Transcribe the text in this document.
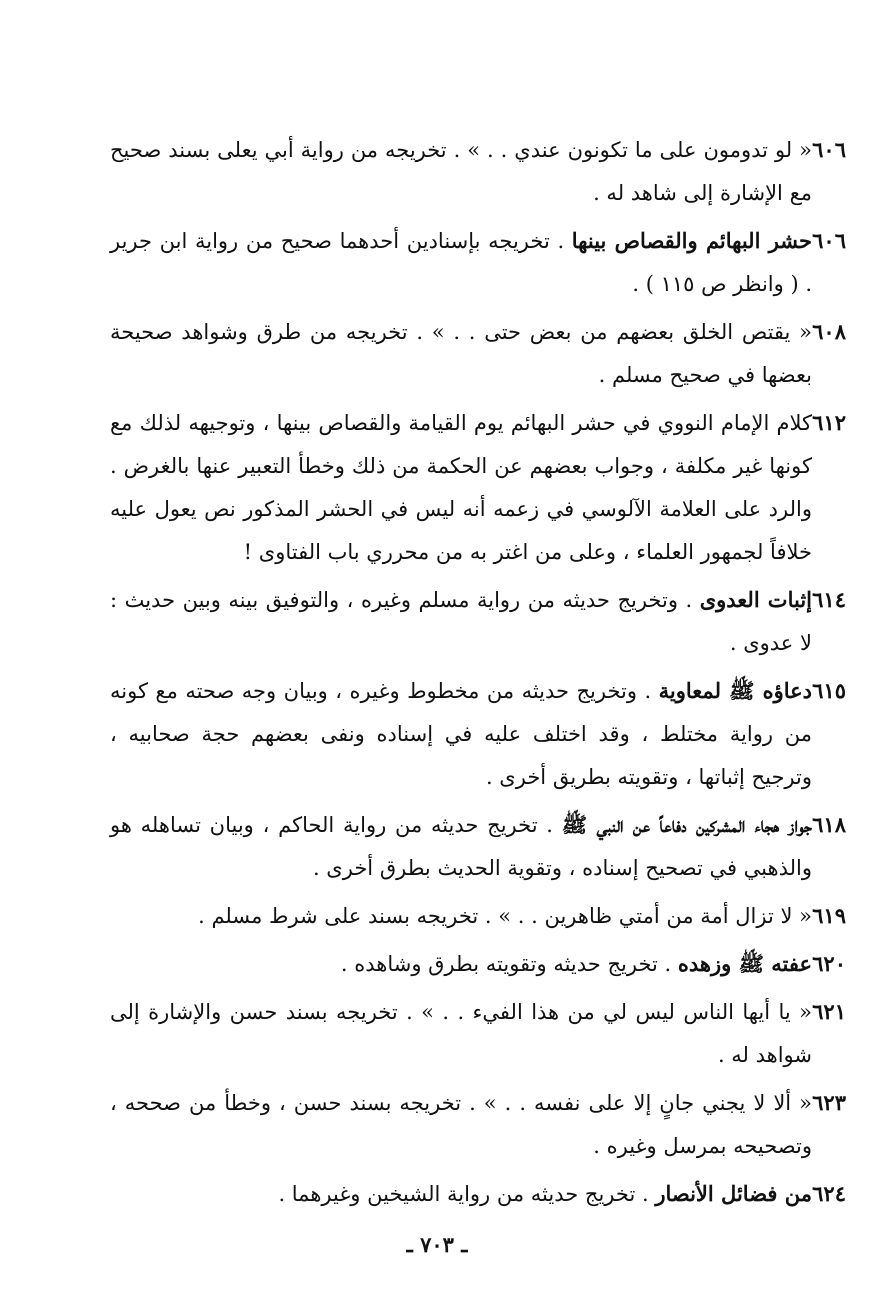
٦٠٦
« لو تدومون على ما تكونون عندي . . » . تخريجه من رواية أبي يعلى بسند صحيح مع الإشارة إلى شاهد له .
٦٠٦
حشر البهائم والقصاص بينها . تخريجه بإسنادين أحدهما صحيح من رواية ابن جرير . ( وانظر ص ١١٥ ) .
٦٠٨
« يقتص الخلق بعضهم من بعض حتى . . » . تخريجه من طرق وشواهد صحيحة بعضها في صحيح مسلم .
٦١٢
كلام الإمام النووي في حشر البهائم يوم القيامة والقصاص بينها ، وتوجيهه لذلك مع كونها غير مكلفة ، وجواب بعضهم عن الحكمة من ذلك وخطأ التعبير عنها بالغرض . والرد على العلامة الآلوسي في زعمه أنه ليس في الحشر المذكور نص يعول عليه خلافاً لجمهور العلماء ، وعلى من اغتر به من محرري باب الفتاوى !
٦١٤
إثبات العدوى . وتخريج حديثه من رواية مسلم وغيره ، والتوفيق بينه وبين حديث : لا عدوى .
٦١٥
دعاؤه ﷺ لمعاوية . وتخريج حديثه من مخطوط وغيره ، وبيان وجه صحته مع كونه من رواية مختلط ، وقد اختلف عليه في إسناده ونفى بعضهم حجة صحابيه ، وترجيح إثباتها ، وتقويته بطريق أخرى .
٦١٨
جواز هجاء المشركين دفاعاً عن النبي ﷺ . تخريج حديثه من رواية الحاكم ، وبيان تساهله هو والذهبي في تصحيح إسناده ، وتقوية الحديث بطرق أخرى .
٦١٩
« لا تزال أمة من أمتي ظاهرين . . » . تخريجه بسند على شرط مسلم .
٦٢٠
عفته ﷺ وزهده . تخريج حديثه وتقويته بطرق وشاهده .
٦٢١
« يا أيها الناس ليس لي من هذا الفيء . . » . تخريجه بسند حسن والإشارة إلى شواهد له .
٦٢٣
« ألا لا يجني جانٍ إلا على نفسه . . » . تخريجه بسند حسن ، وخطأ من صححه ، وتصحيحه بمرسل وغيره .
٦٢٤
من فضائل الأنصار . تخريج حديثه من رواية الشيخين وغيرهما .
ـ ٧٠٣ ـ
